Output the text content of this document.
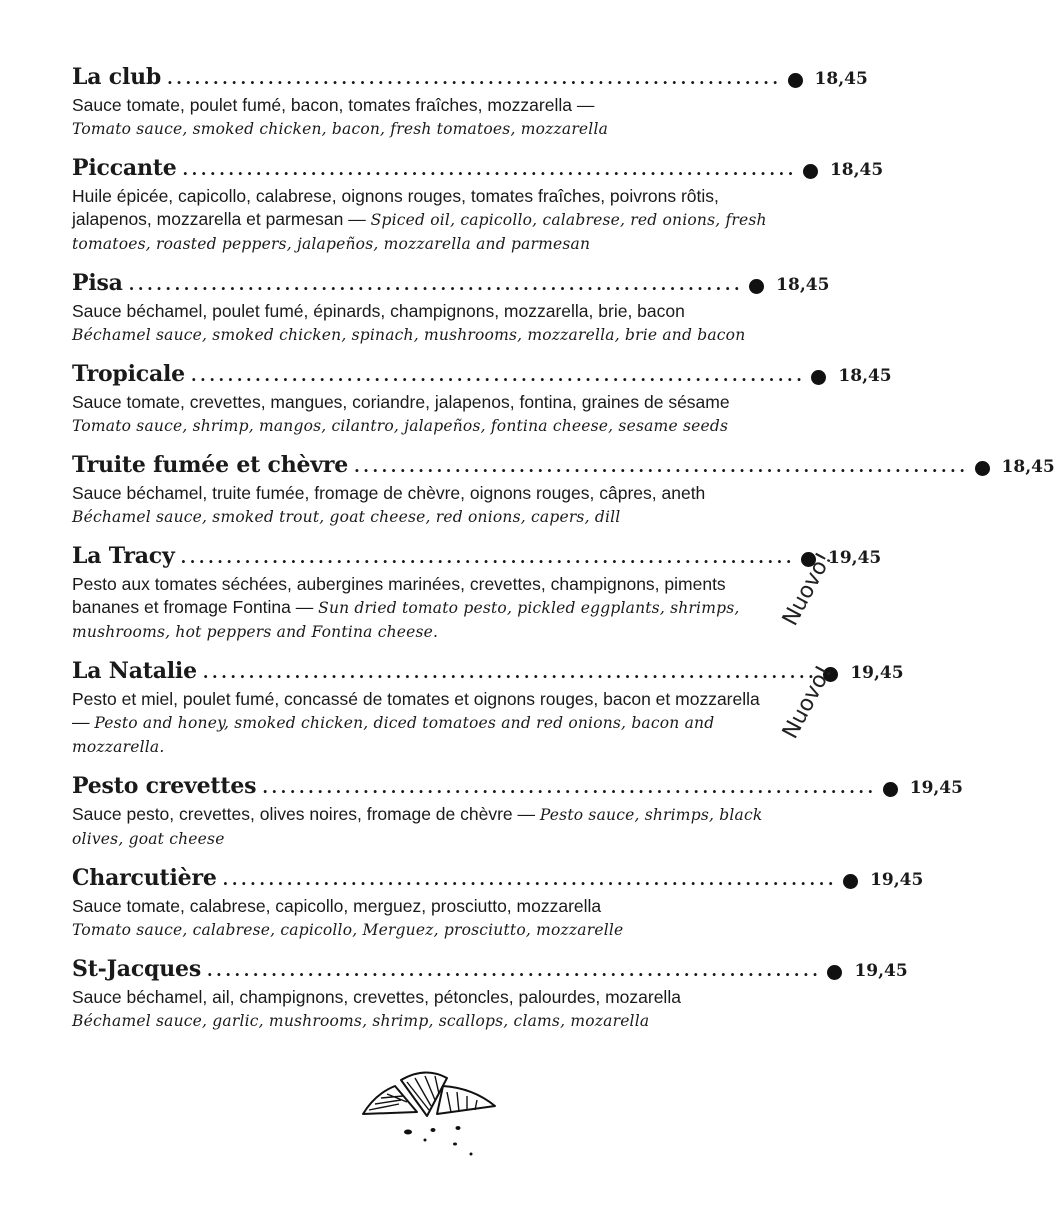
La club ................................................................... 18,45
Sauce tomate, poulet fumé, bacon, tomates fraîches, mozzarella —
Tomato sauce, smoked chicken, bacon, fresh tomatoes, mozzarella
Piccante ................................................................... 18,45
Huile épicée, capicollo, calabrese, oignons rouges, tomates fraîches, poivrons rôtis, jalapenos, mozzarella et parmesan — Spiced oil, capicollo, calabrese, red onions, fresh tomatoes, roasted peppers, jalapeños, mozzarella and parmesan
Pisa ................................................................... 18,45
Sauce béchamel, poulet fumé, épinards, champignons, mozzarella, brie, bacon
Béchamel sauce, smoked chicken, spinach, mushrooms, mozzarella, brie and bacon
Tropicale ................................................................... 18,45
Sauce tomate, crevettes, mangues, coriandre, jalapenos, fontina, graines de sésame
Tomato sauce, shrimp, mangos, cilantro, jalapeños, fontina cheese, sesame seeds
Truite fumée et chèvre ................................................................... 18,45
Sauce béchamel, truite fumée, fromage de chèvre, oignons rouges, câpres, aneth
Béchamel sauce, smoked trout, goat cheese, red onions, capers, dill
La Tracy ................................................................... 19,45
Pesto aux tomates séchées, aubergines marinées, crevettes, champignons, piments bananes et fromage Fontina — Sun dried tomato pesto, pickled eggplants, shrimps, mushrooms, hot peppers and Fontina cheese.
La Natalie ................................................................... 19,45
Pesto et miel, poulet fumé, concassé de tomates et oignons rouges, bacon et mozzarella — Pesto and honey, smoked chicken, diced tomatoes and red onions, bacon and mozzarella.
Pesto crevettes ................................................................... 19,45
Sauce pesto, crevettes, olives noires, fromage de chèvre — Pesto sauce, shrimps, black olives, goat cheese
Charcutière ................................................................... 19,45
Sauce tomate, calabrese, capicollo, merguez, prosciutto, mozzarella
Tomato sauce, calabrese, capicollo, Merguez, prosciutto, mozzarelle
St-Jacques ................................................................... 19,45
Sauce béchamel, ail, champignons, crevettes, pétoncles, palourdes, mozarella
Béchamel sauce, garlic, mushrooms, shrimp, scallops, clams, mozarella
Nuovo!
Nuovo!
